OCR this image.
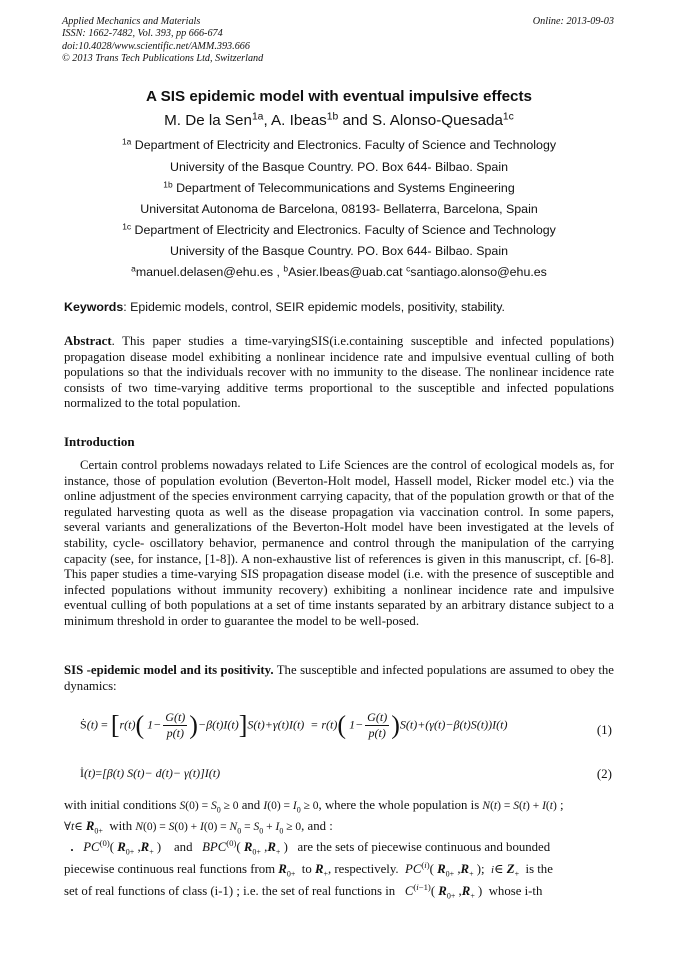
Applied Mechanics and Materials
ISSN: 1662-7482, Vol. 393, pp 666-674
doi:10.4028/www.scientific.net/AMM.393.666
© 2013 Trans Tech Publications Ltd, Switzerland
Online: 2013-09-03
A SIS epidemic model with eventual impulsive effects
M. De la Sen$^{1a}$, A. Ibeas$^{1b}$ and S. Alonso-Quesada$^{1c}$
$^{1a}$ Department of Electricity and Electronics. Faculty of Science and Technology
University of the Basque Country. PO. Box 644- Bilbao. Spain
$^{1b}$ Department of Telecommunications and Systems Engineering
Universitat Autonoma de Barcelona, 08193- Bellaterra, Barcelona, Spain
$^{1c}$ Department of Electricity and Electronics. Faculty of Science and Technology
University of the Basque Country. PO. Box 644- Bilbao. Spain
$^a$manuel.delasen@ehu.es , $^b$Asier.Ibeas@uab.cat $^c$santiago.alonso@ehu.es
Keywords: Epidemic models, control, SEIR epidemic models, positivity, stability.
Abstract. This paper studies a time-varyingSIS(i.e.containing susceptible and infected populations) propagation disease model exhibiting a nonlinear incidence rate and impulsive eventual culling of both populations so that the individuals recover with no immunity to the disease. The nonlinear incidence rate consists of two time-varying additive terms proportional to the susceptible and infected populations normalized to the total population.
Introduction
Certain control problems nowadays related to Life Sciences are the control of ecological models as, for instance, those of population evolution (Beverton-Holt model, Hassell model, Ricker model etc.) via the online adjustment of the species environment carrying capacity, that of the population growth or that of the regulated harvesting quota as well as the disease propagation via vaccination control. In some papers, several variants and generalizations of the Beverton-Holt model have been investigated at the levels of stability, cycle- oscillatory behavior, permanence and control through the manipulation of the carrying capacity (see, for instance, [1-8]). A non-exhaustive list of references is given in this manuscript, cf. [6-8]. This paper studies a time-varying SIS propagation disease model (i.e. with the presence of susceptible and infected populations without immunity recovery) exhibiting a nonlinear incidence rate and impulsive eventual culling of both populations at a set of time instants separated by an arbitrary distance subject to a minimum threshold in order to guarantee the model to be well-posed.
SIS -epidemic model and its positivity. The susceptible and infected populations are assumed to obey the dynamics:
Ṡ(t) = [r(t)( $1- \frac{G(t)}{p(t)} )-\beta(t)I(t)]S(t)+\gamma(t)I(t) = r(t)$( $1- \frac{G(t)}{p(t)} )S(t)+(\gamma(t)-\beta(t)S(t))I(t)$	(1)
İ(t)=[β(t) S(t)− d(t)− γ(t)]I(t)	(2)
with initial conditions $S(0) = S_0 \ge 0$ and $I(0) = I_0 \ge 0$, where the whole population is N(t) = S(t) + I(t) ;
∀t∈ $R_{0+}$ with $N(0) = S(0) + I(0) = N_0 = S_0 + I_0 \ge 0$, and :
. PC$^{(0)}$( $R_{0+}$ $,R_+$ )    and BPC$^{(0)}$( $R_{0+}$ $,R_+$ )   are the sets of piecewise continuous and bounded
piecewise continuous real functions from $R_{0+}$ to $R_+$, respectively. PC$^{(i)}$( $R_{0+}$ $,R_+$ );  i∈ $Z_+$ is the
set of real functions of class (i-1) ; i.e. the set of real functions in $C^{(i-1)}$( $R_{0+}$ $,R_+$ )  whose i-th
